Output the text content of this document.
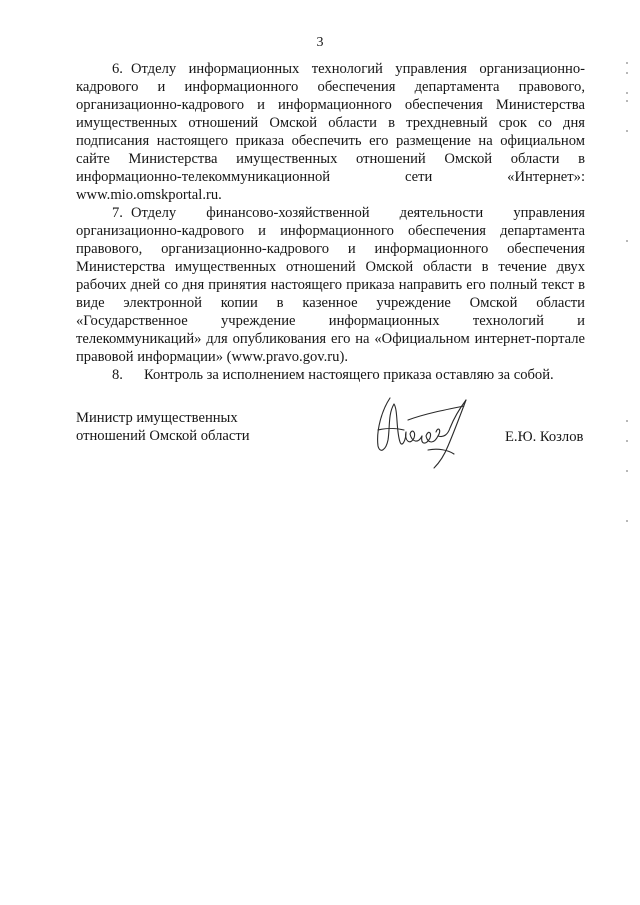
3

6. Отделу информационных технологий управления организационно-кадрового и информационного обеспечения департамента правового, организационно-кадрового и информационного обеспечения Министерства имущественных отношений Омской области в трехдневный срок со дня подписания настоящего приказа обеспечить его размещение на официальном сайте Министерства имущественных отношений Омской области в информационно-телекоммуникационной сети «Интернет»: www.mio.omskportal.ru.

7. Отделу финансово-хозяйственной деятельности управления организационно-кадрового и информационного обеспечения департамента правового, организационно-кадрового и информационного обеспечения Министерства имущественных отношений Омской области в течение двух рабочих дней со дня принятия настоящего приказа направить его полный текст в виде электронной копии в казенное учреждение Омской области «Государственное учреждение информационных технологий и телекоммуникаций» для опубликования его на «Официальном интернет-портале правовой информации» (www.pravo.gov.ru).

8. Контроль за исполнением настоящего приказа оставляю за собой.

Министр имущественных
отношений Омской области	Е.Ю. Козлов
